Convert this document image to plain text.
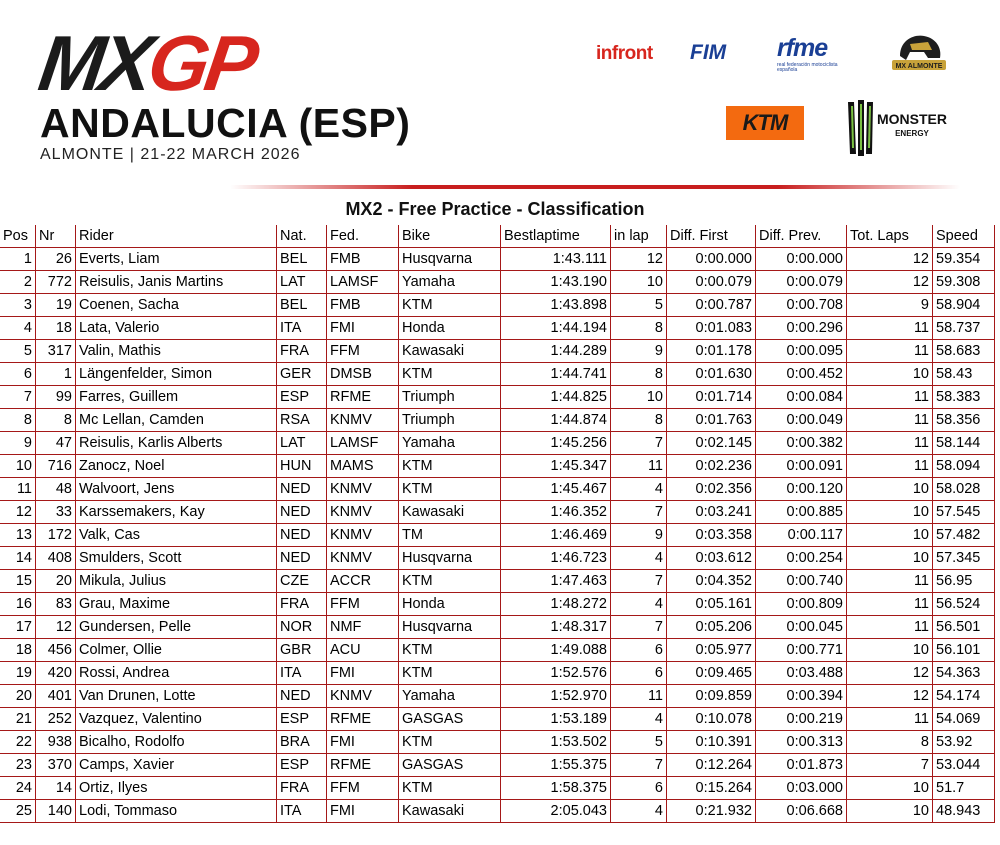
MXGP
ANDALUCIA (ESP)
ALMONTE | 21-22 MARCH 2026
infront FIM rfme
real federación motociclista española	MX ALMONTE
KTM	MONSTER
ENERGY
MX2 - Free Practice - Classification
Pos	Nr	Rider	Nat.	Fed.	Bike	Bestlaptime	in lap	Diff. First	Diff. Prev.	Tot. Laps	Speed
1	26	Everts, Liam	BEL	FMB	Husqvarna	1:43.111	12	0:00.000	0:00.000	12	59.354
2	772	Reisulis, Janis Martins	LAT	LAMSF	Yamaha	1:43.190	10	0:00.079	0:00.079	12	59.308
3	19	Coenen, Sacha	BEL	FMB	KTM	1:43.898	5	0:00.787	0:00.708	9	58.904
4	18	Lata, Valerio	ITA	FMI	Honda	1:44.194	8	0:01.083	0:00.296	11	58.737
5	317	Valin, Mathis	FRA	FFM	Kawasaki	1:44.289	9	0:01.178	0:00.095	11	58.683
6	1	Längenfelder, Simon	GER	DMSB	KTM	1:44.741	8	0:01.630	0:00.452	10	58.43
7	99	Farres, Guillem	ESP	RFME	Triumph	1:44.825	10	0:01.714	0:00.084	11	58.383
8	8	Mc Lellan, Camden	RSA	KNMV	Triumph	1:44.874	8	0:01.763	0:00.049	11	58.356
9	47	Reisulis, Karlis Alberts	LAT	LAMSF	Yamaha	1:45.256	7	0:02.145	0:00.382	11	58.144
10	716	Zanocz, Noel	HUN	MAMS	KTM	1:45.347	11	0:02.236	0:00.091	11	58.094
11	48	Walvoort, Jens	NED	KNMV	KTM	1:45.467	4	0:02.356	0:00.120	10	58.028
12	33	Karssemakers, Kay	NED	KNMV	Kawasaki	1:46.352	7	0:03.241	0:00.885	10	57.545
13	172	Valk, Cas	NED	KNMV	TM	1:46.469	9	0:03.358	0:00.117	10	57.482
14	408	Smulders, Scott	NED	KNMV	Husqvarna	1:46.723	4	0:03.612	0:00.254	10	57.345
15	20	Mikula, Julius	CZE	ACCR	KTM	1:47.463	7	0:04.352	0:00.740	11	56.95
16	83	Grau, Maxime	FRA	FFM	Honda	1:48.272	4	0:05.161	0:00.809	11	56.524
17	12	Gundersen, Pelle	NOR	NMF	Husqvarna	1:48.317	7	0:05.206	0:00.045	11	56.501
18	456	Colmer, Ollie	GBR	ACU	KTM	1:49.088	6	0:05.977	0:00.771	10	56.101
19	420	Rossi, Andrea	ITA	FMI	KTM	1:52.576	6	0:09.465	0:03.488	12	54.363
20	401	Van Drunen, Lotte	NED	KNMV	Yamaha	1:52.970	11	0:09.859	0:00.394	12	54.174
21	252	Vazquez, Valentino	ESP	RFME	GASGAS	1:53.189	4	0:10.078	0:00.219	11	54.069
22	938	Bicalho, Rodolfo	BRA	FMI	KTM	1:53.502	5	0:10.391	0:00.313	8	53.92
23	370	Camps, Xavier	ESP	RFME	GASGAS	1:55.375	7	0:12.264	0:01.873	7	53.044
24	14	Ortiz, Ilyes	FRA	FFM	KTM	1:58.375	6	0:15.264	0:03.000	10	51.7
25	140	Lodi, Tommaso	ITA	FMI	Kawasaki	2:05.043	4	0:21.932	0:06.668	10	48.943
